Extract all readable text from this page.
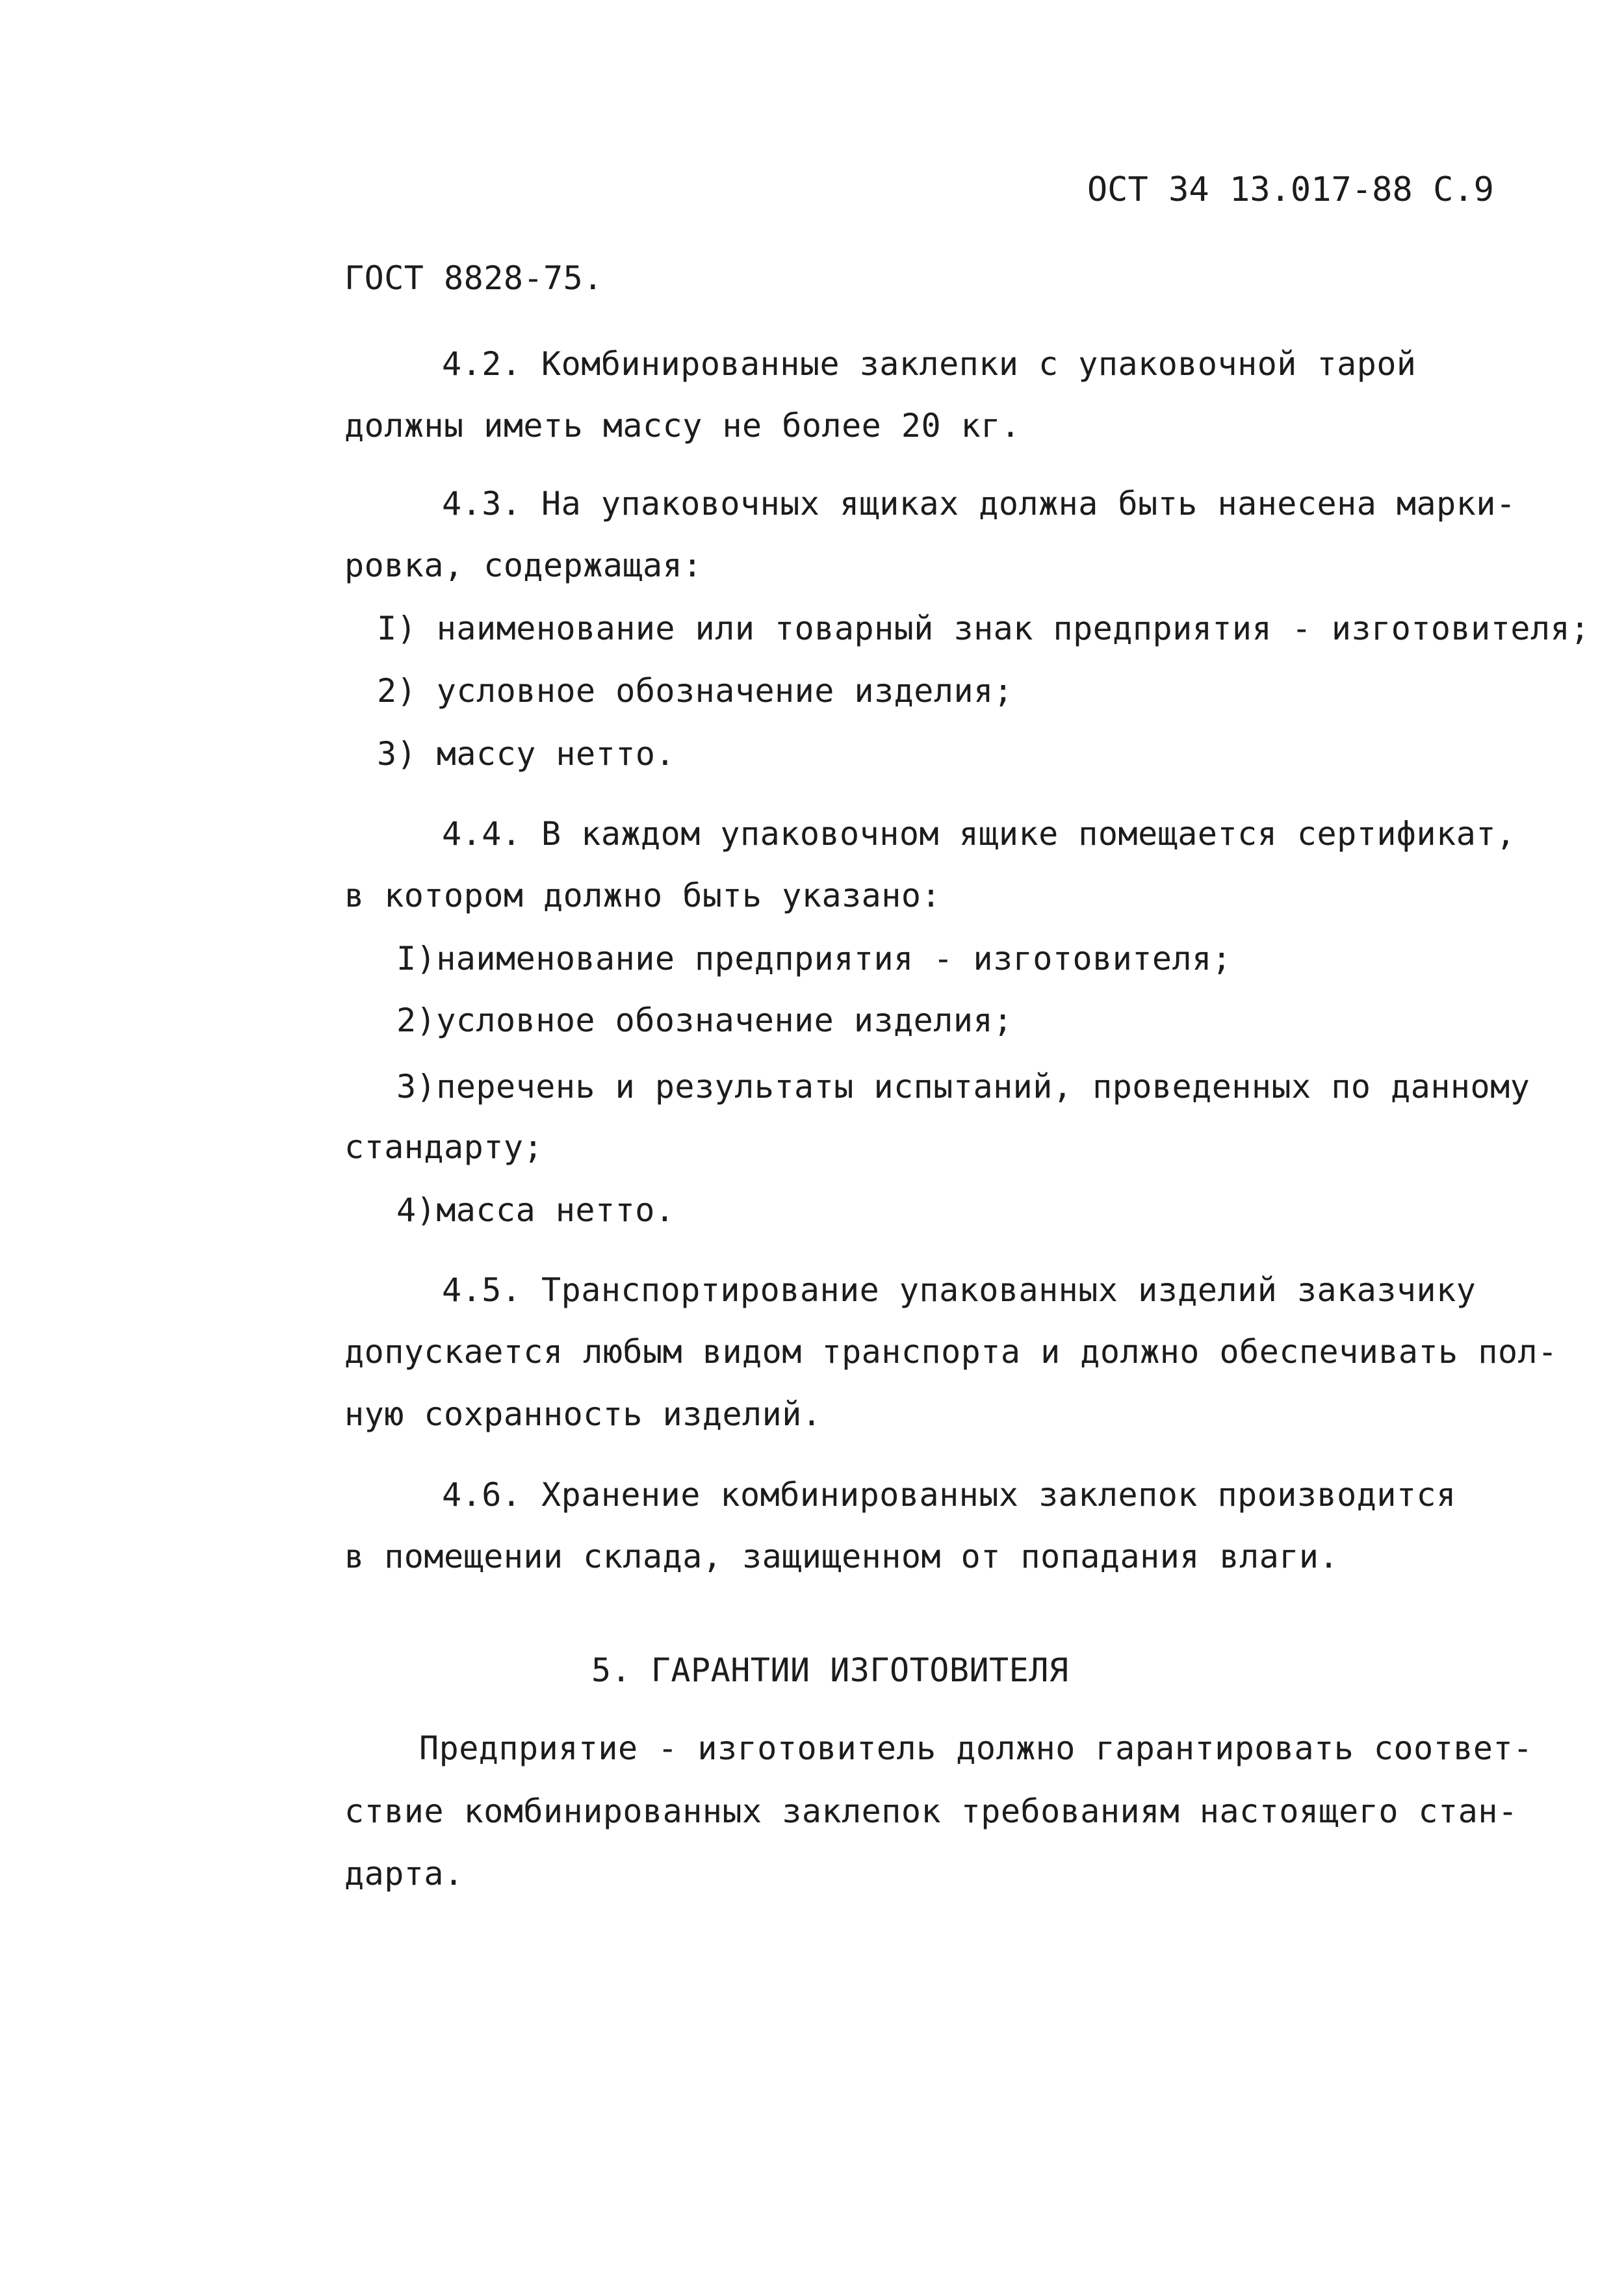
ОСТ 34 13.017-88 С.9
ГОСТ 8828-75.
4.2. Комбинированные заклепки с упаковочной тарой
должны иметь массу не более 20 кг.
4.3. На упаковочных ящиках должна быть нанесена марки-
ровка, содержащая:
I) наименование или товарный знак предприятия - изготовителя;
2) условное обозначение изделия;
3) массу нетто.
4.4. В каждом упаковочном ящике помещается сертификат,
в котором должно быть указано:
I)наименование предприятия - изготовителя;
2)условное обозначение изделия;
3)перечень и результаты испытаний, проведенных по данному
стандарту;
4)масса нетто.
4.5. Транспортирование упакованных изделий заказчику
допускается любым видом транспорта и должно обеспечивать пол-
ную сохранность изделий.
4.6. Хранение комбинированных заклепок производится
в помещении склада, защищенном от попадания влаги.
5. ГАРАНТИИ ИЗГОТОВИТЕЛЯ
Предприятие - изготовитель должно гарантировать соответ-
ствие комбинированных заклепок требованиям настоящего стан-
дарта.
